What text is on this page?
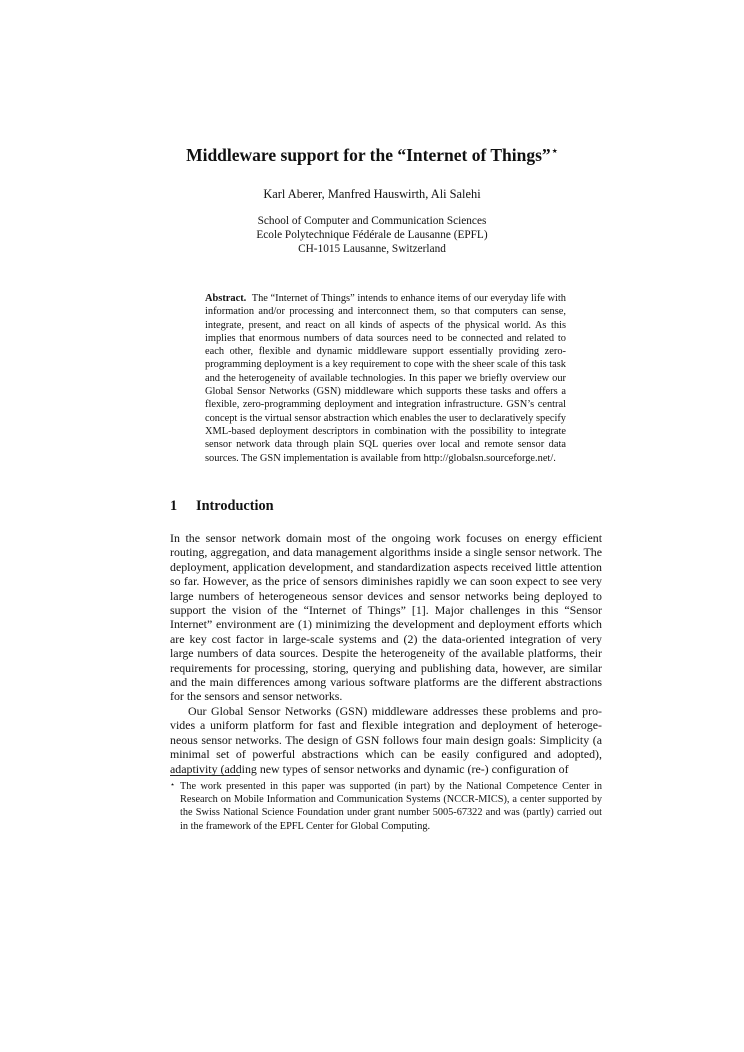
Middleware support for the “Internet of Things”⋆
Karl Aberer, Manfred Hauswirth, Ali Salehi
School of Computer and Communication Sciences
Ecole Polytechnique Fédérale de Lausanne (EPFL)
CH-1015 Lausanne, Switzerland
Abstract. The “Internet of Things” intends to enhance items of our everyday life with information and/or processing and interconnect them, so that computers can sense, integrate, present, and react on all kinds of aspects of the physical world. As this implies that enormous numbers of data sources need to be connected and related to each other, flexible and dynamic middleware support essentially providing zero-programming deployment is a key requirement to cope with the sheer scale of this task and the heterogeneity of available technologies. In this paper we briefly overview our Global Sensor Networks (GSN) middleware which supports these tasks and offers a flexible, zero-programming deployment and integration infrastructure. GSN’s central concept is the virtual sensor abstraction which enables the user to declaratively specify XML-based deployment descriptors in combination with the possibility to integrate sensor network data through plain SQL queries over local and remote sensor data sources. The GSN implementation is available from http://globalsn.sourceforge.net/.
1 Introduction

In the sensor network domain most of the ongoing work focuses on energy efficient routing, aggregation, and data management algorithms inside a single sensor network. The deployment, application development, and standardization aspects received little attention so far. However, as the price of sensors diminishes rapidly we can soon expect to see very large numbers of heterogeneous sensor devices and sensor networks being deployed to support the vision of the “Internet of Things” [1]. Major challenges in this “Sensor Internet” environment are (1) minimizing the development and deployment efforts which are key cost factor in large-scale systems and (2) the data-oriented integration of very large numbers of data sources. Despite the heterogeneity of the available platforms, their requirements for processing, storing, querying and publishing data, however, are similar and the main differences among various software platforms are the different abstractions for the sensors and sensor networks.

Our Global Sensor Networks (GSN) middleware addresses these problems and provides a uniform platform for fast and flexible integration and deployment of heterogeneous sensor networks. The design of GSN follows four main design goals: Simplicity (a minimal set of powerful abstractions which can be easily configured and adopted), adaptivity (adding new types of sensor networks and dynamic (re-) configuration of

⋆ The work presented in this paper was supported (in part) by the National Competence Center in Research on Mobile Information and Communication Systems (NCCR-MICS), a center supported by the Swiss National Science Foundation under grant number 5005-67322 and was (partly) carried out in the framework of the EPFL Center for Global Computing.
